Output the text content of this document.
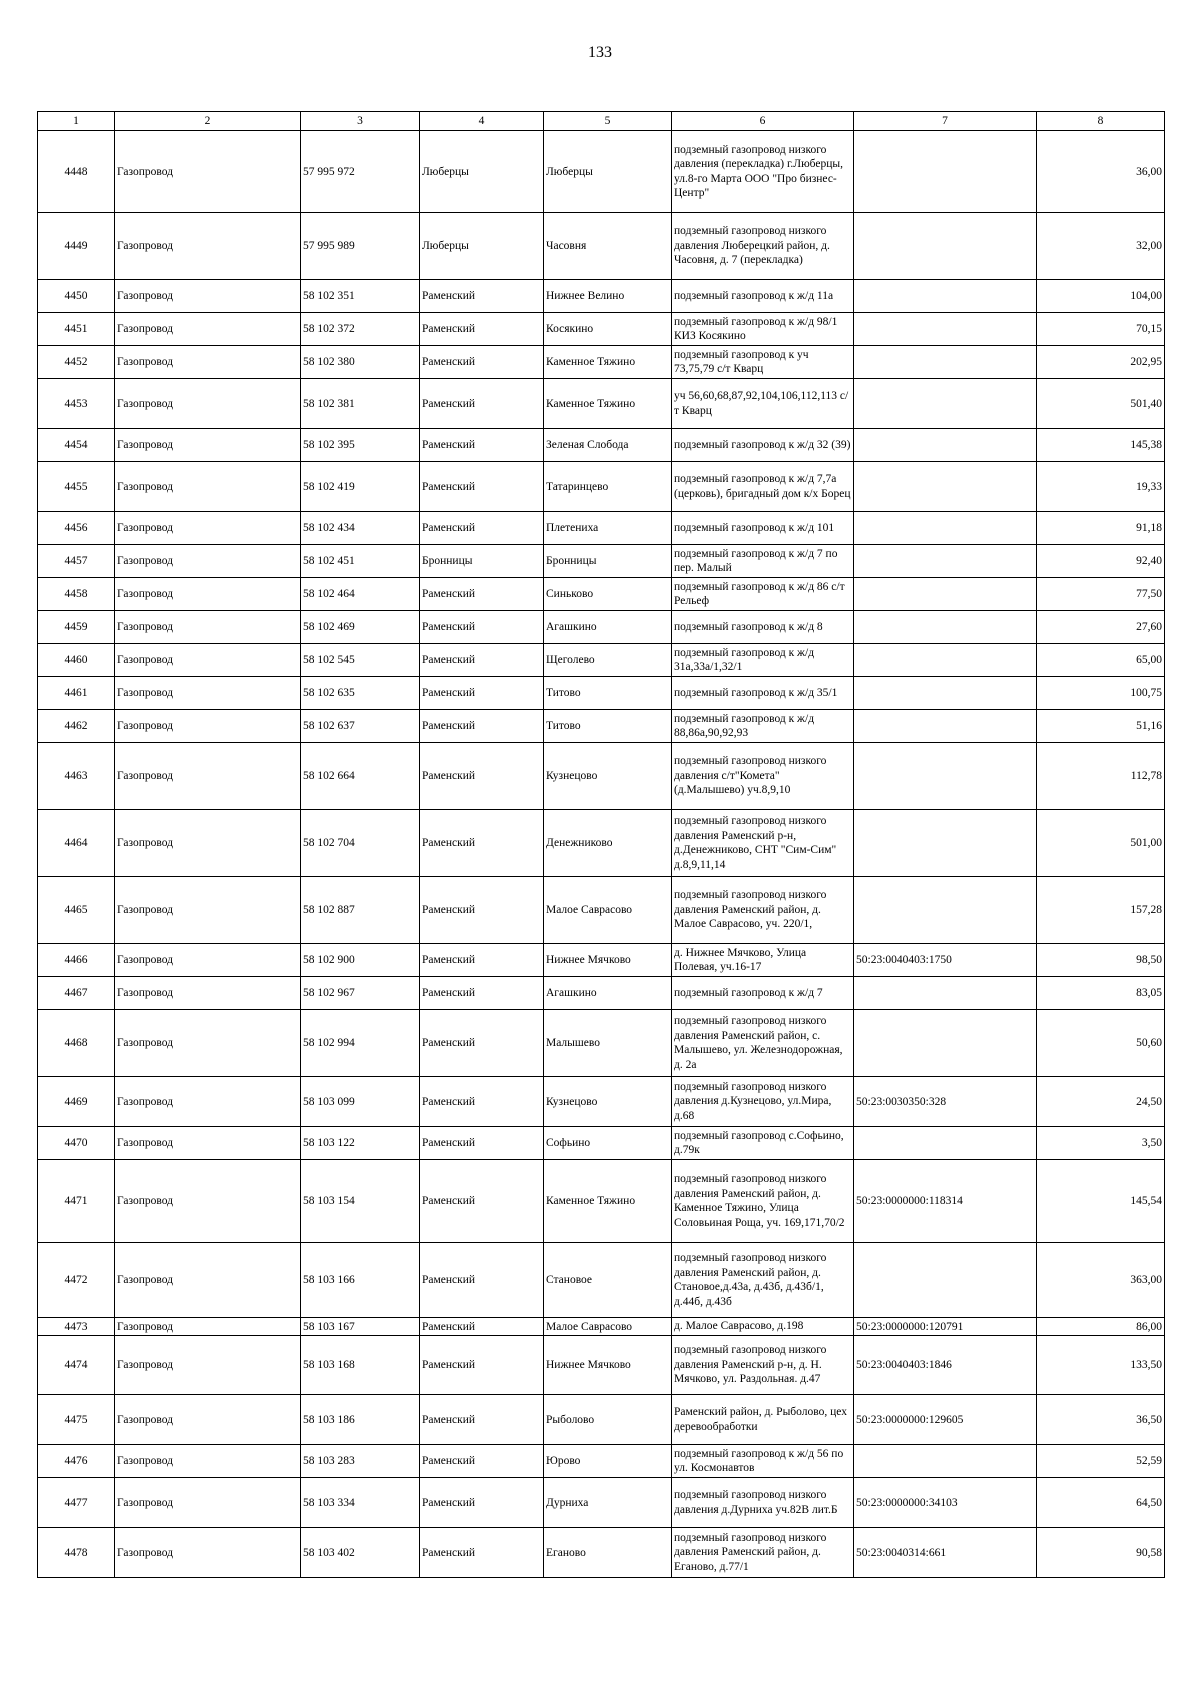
133
1	2	3	4	5	6	7	8
4448	Газопровод	57 995 972	Люберцы	Люберцы	подземный газопровод низкого давления (перекладка) г.Люберцы, ул.8-го Марта ООО "Про бизнес-Центр"		36,00
4449	Газопровод	57 995 989	Люберцы	Часовня	подземный газопровод низкого давления Люберецкий район, д. Часовня, д. 7 (перекладка)		32,00
4450	Газопровод	58 102 351	Раменский	Нижнее Велино	подземный газопровод к ж/д 11а		104,00
4451	Газопровод	58 102 372	Раменский	Косякино	подземный газопровод к ж/д 98/1 КИЗ Косякино		70,15
4452	Газопровод	58 102 380	Раменский	Каменное Тяжино	подземный газопровод к уч 73,75,79 с/т Кварц		202,95
4453	Газопровод	58 102 381	Раменский	Каменное Тяжино	уч 56,60,68,87,92,104,106,112,113 с/т Кварц		501,40
4454	Газопровод	58 102 395	Раменский	Зеленая Слобода	подземный газопровод к ж/д 32 (39)		145,38
4455	Газопровод	58 102 419	Раменский	Татаринцево	подземный газопровод к ж/д 7,7а (церковь), бригадный дом к/х Борец		19,33
4456	Газопровод	58 102 434	Раменский	Плетениха	подземный газопровод к ж/д 101		91,18
4457	Газопровод	58 102 451	Бронницы	Бронницы	подземный газопровод к ж/д 7 по пер. Малый		92,40
4458	Газопровод	58 102 464	Раменский	Синьково	подземный газопровод к ж/д 86 с/т Рельеф		77,50
4459	Газопровод	58 102 469	Раменский	Агашкино	подземный газопровод к ж/д 8		27,60
4460	Газопровод	58 102 545	Раменский	Щеголево	подземный газопровод к ж/д 31а,33а/1,32/1		65,00
4461	Газопровод	58 102 635	Раменский	Титово	подземный газопровод к ж/д 35/1		100,75
4462	Газопровод	58 102 637	Раменский	Титово	подземный газопровод к ж/д 88,86а,90,92,93		51,16
4463	Газопровод	58 102 664	Раменский	Кузнецово	подземный газопровод низкого давления с/т"Комета" (д.Малышево) уч.8,9,10		112,78
4464	Газопровод	58 102 704	Раменский	Денежниково	подземный газопровод низкого давления Раменский р-н, д.Денежниково, СНТ "Сим-Сим" д.8,9,11,14		501,00
4465	Газопровод	58 102 887	Раменский	Малое Саврасово	подземный газопровод низкого давления Раменский район, д. Малое Саврасово, уч. 220/1,		157,28
4466	Газопровод	58 102 900	Раменский	Нижнее Мячково	д. Нижнее Мячково, Улица Полевая, уч.16-17	50:23:0040403:1750	98,50
4467	Газопровод	58 102 967	Раменский	Агашкино	подземный газопровод к ж/д 7		83,05
4468	Газопровод	58 102 994	Раменский	Малышево	подземный газопровод низкого давления Раменский район, с. Малышево, ул. Железнодорожная, д. 2а		50,60
4469	Газопровод	58 103 099	Раменский	Кузнецово	подземный газопровод низкого давления д.Кузнецово, ул.Мира, д.68	50:23:0030350:328	24,50
4470	Газопровод	58 103 122	Раменский	Софьино	подземный газопровод с.Софьино, д.79к		3,50
4471	Газопровод	58 103 154	Раменский	Каменное Тяжино	подземный газопровод низкого давления Раменский район, д. Каменное Тяжино, Улица Соловьиная Роща, уч. 169,171,70/2	50:23:0000000:118314	145,54
4472	Газопровод	58 103 166	Раменский	Становое	подземный газопровод низкого давления Раменский район, д. Становое,д.43а, д.43б, д.43б/1, д.44б, д.43б		363,00
4473	Газопровод	58 103 167	Раменский	Малое Саврасово	д. Малое Саврасово, д.198	50:23:0000000:120791	86,00
4474	Газопровод	58 103 168	Раменский	Нижнее Мячково	подземный газопровод низкого давления Раменский р-н, д. Н. Мячково, ул. Раздольная. д.47	50:23:0040403:1846	133,50
4475	Газопровод	58 103 186	Раменский	Рыболово	Раменский район, д. Рыболово, цех деревообработки	50:23:0000000:129605	36,50
4476	Газопровод	58 103 283	Раменский	Юрово	подземный газопровод к ж/д 56 по ул. Космонавтов		52,59
4477	Газопровод	58 103 334	Раменский	Дурниха	подземный газопровод низкого давления д.Дурниха уч.82В лит.Б	50:23:0000000:34103	64,50
4478	Газопровод	58 103 402	Раменский	Еганово	подземный газопровод низкого давления Раменский район, д. Еганово, д.77/1	50:23:0040314:661	90,58
